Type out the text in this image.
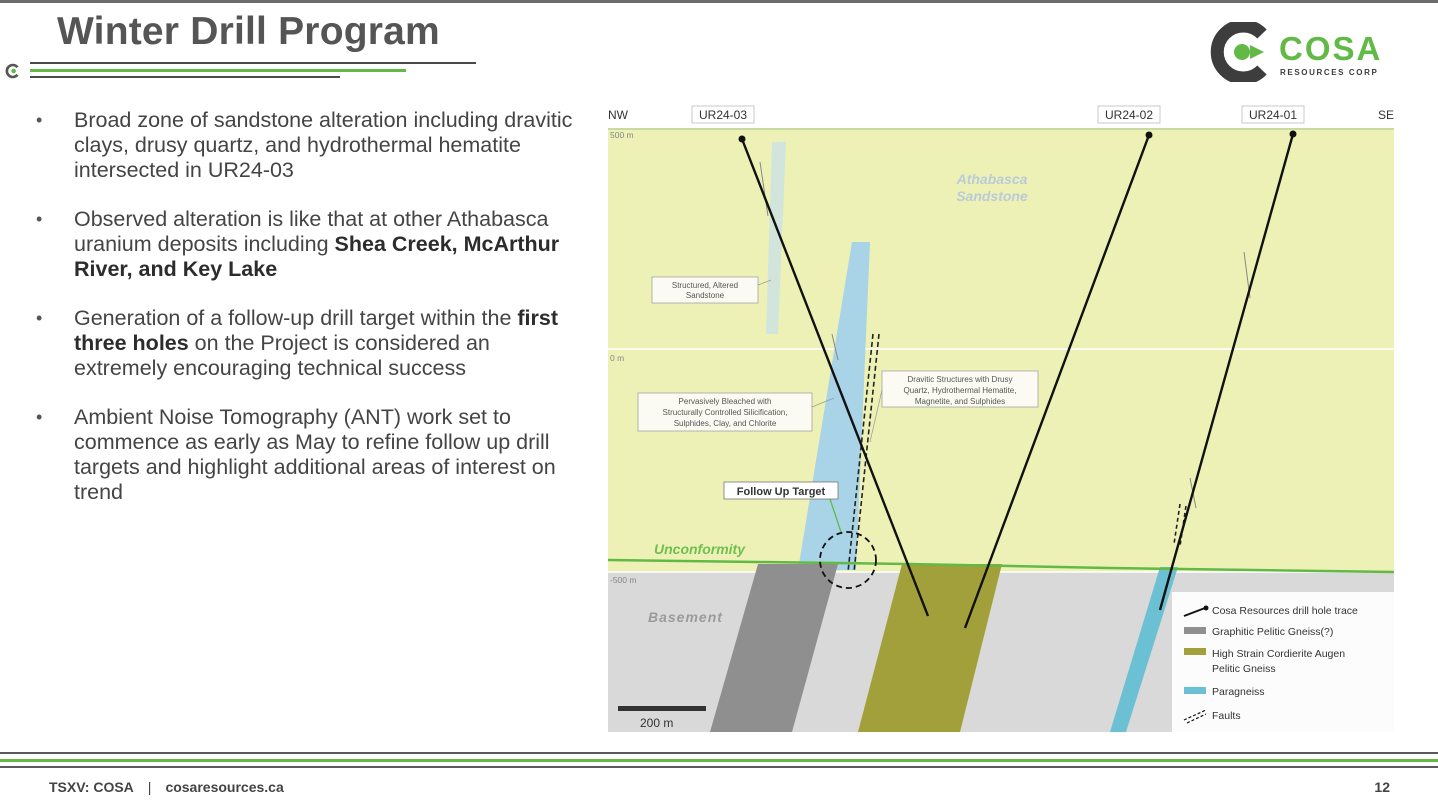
Winter Drill Program	COSA
RESOURCES CORP
• Broad zone of sandstone alteration including dravitic clays, drusy quartz, and hydrothermal hematite intersected in UR24-03
• Observed alteration is like that at other Athabasca uranium deposits including Shea Creek, McArthur River, and Key Lake
• Generation of a follow-up drill target within the first three holes on the Project is considered an extremely encouraging technical success
• Ambient Noise Tomography (ANT) work set to commence as early as May to refine follow up drill targets and highlight additional areas of interest on trend
NW	SE
UR24-03	UR24-02	UR24-01
500 m
0 m
-500 m
Athabasca
Sandstone
Structured, Altered
Sandstone
Pervasively Bleached with
Structurally Controlled Silicification,
Sulphides, Clay, and Chlorite
Dravitic Structures with Drusy
Quartz, Hydrothermal Hematite,
Magnetite, and Sulphides
Follow Up Target
Unconformity
Basement
200 m
Cosa Resources drill hole trace
Graphitic Pelitic Gneiss(?)
High Strain Cordierite Augen
Pelitic Gneiss
Paragneiss
Faults
TSXV: COSA | cosaresources.ca	12
